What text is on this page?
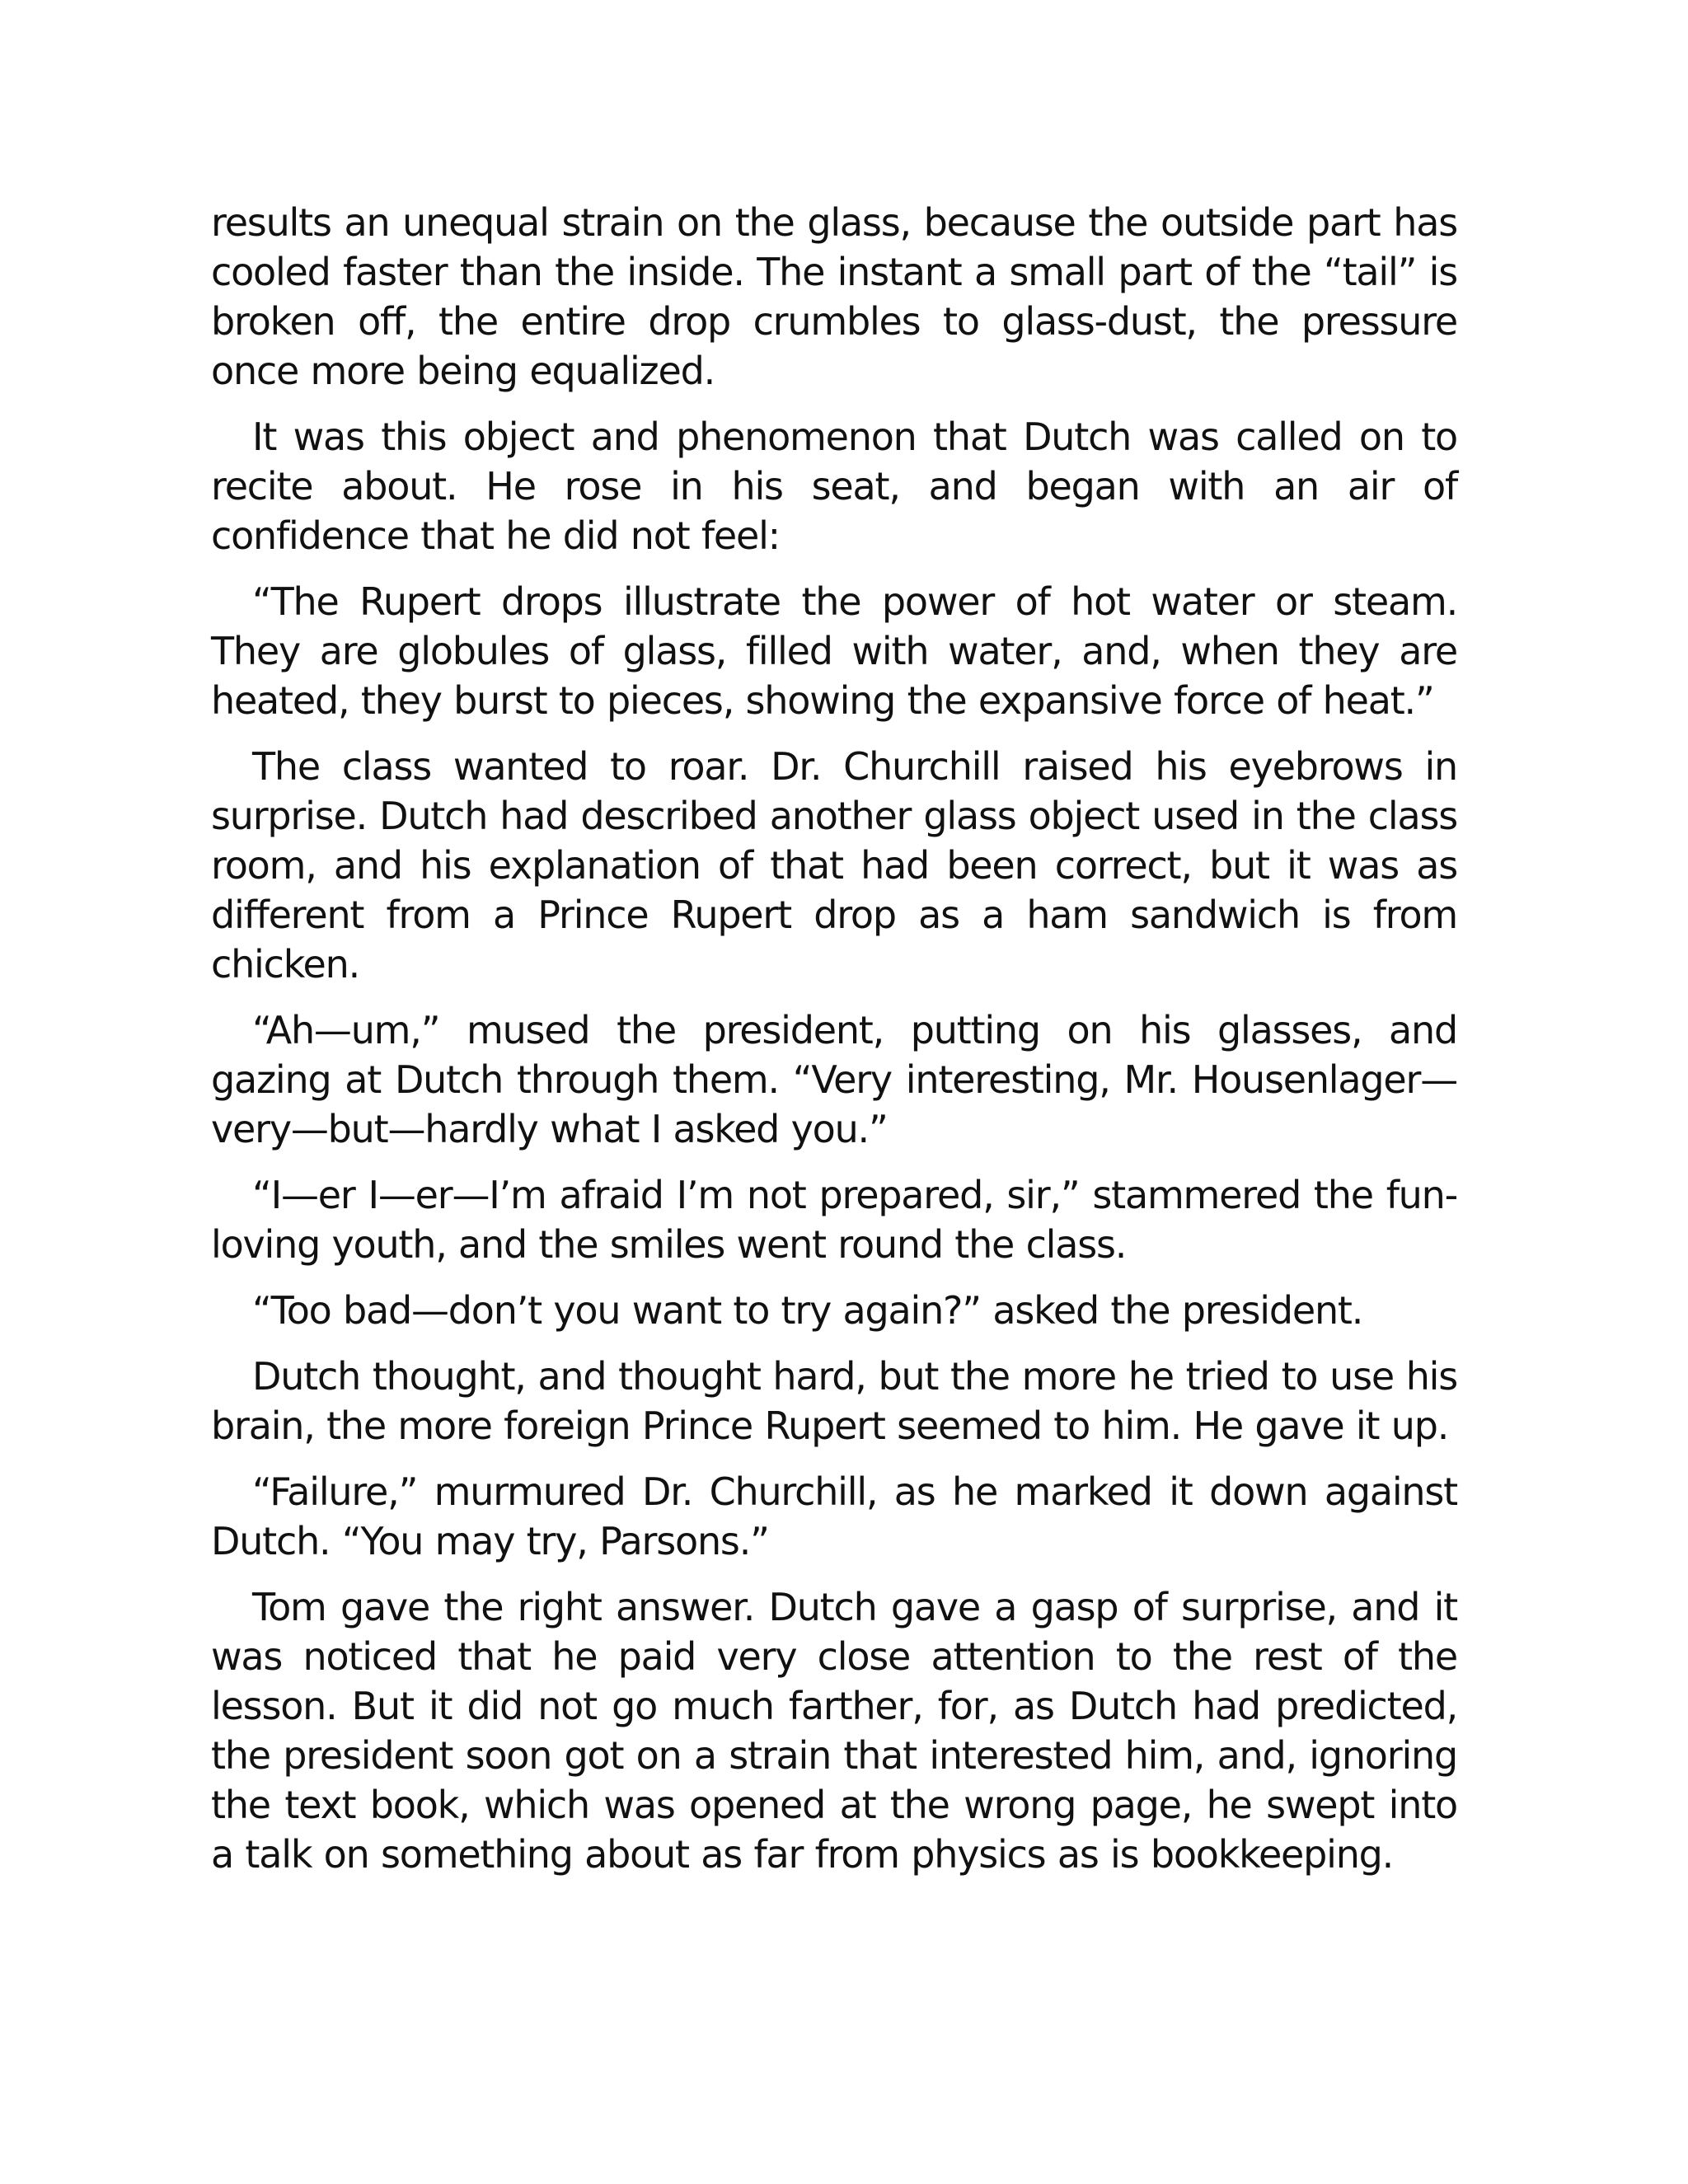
results an unequal strain on the glass, because the outside part has cooled faster than the inside. The instant a small part of the “tail” is broken off, the entire drop crumbles to glass-dust, the pressure once more being equalized.

It was this object and phenomenon that Dutch was called on to recite about. He rose in his seat, and began with an air of confidence that he did not feel:

“The Rupert drops illustrate the power of hot water or steam. They are globules of glass, filled with water, and, when they are heated, they burst to pieces, showing the expansive force of heat.”

The class wanted to roar. Dr. Churchill raised his eyebrows in surprise. Dutch had described another glass object used in the class room, and his explanation of that had been correct, but it was as different from a Prince Rupert drop as a ham sandwich is from chicken.

“Ah—um,” mused the president, putting on his glasses, and gazing at Dutch through them. “Very interesting, Mr. Housenlager—very—but—hardly what I asked you.”

“I—er I—er—I’m afraid I’m not prepared, sir,” stammered the fun-loving youth, and the smiles went round the class.

“Too bad—don’t you want to try again?” asked the president.

Dutch thought, and thought hard, but the more he tried to use his brain, the more foreign Prince Rupert seemed to him. He gave it up.

“Failure,” murmured Dr. Churchill, as he marked it down against Dutch. “You may try, Parsons.”

Tom gave the right answer. Dutch gave a gasp of surprise, and it was noticed that he paid very close attention to the rest of the lesson. But it did not go much farther, for, as Dutch had predicted, the president soon got on a strain that interested him, and, ignoring the text book, which was opened at the wrong page, he swept into a talk on something about as far from physics as is bookkeeping.
